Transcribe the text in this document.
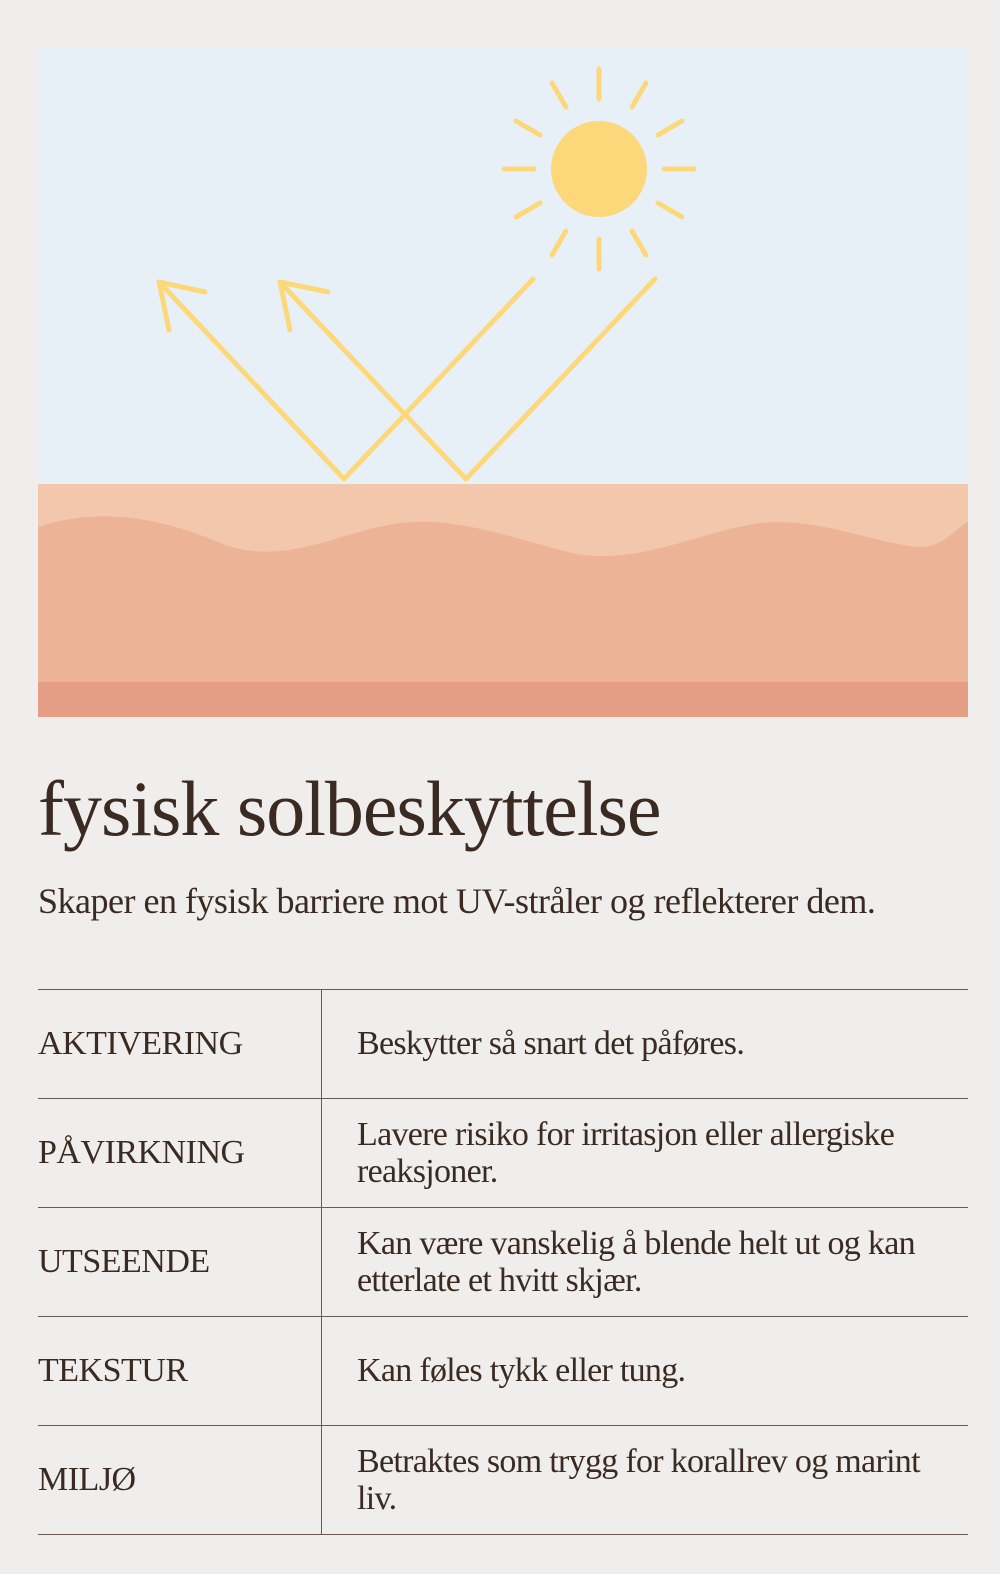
fysisk solbeskyttelse

Skaper en fysisk barriere mot UV-stråler og reflekterer dem.

AKTIVERING	Beskytter så snart det påføres.
PÅVIRKNING	Lavere risiko for irritasjon eller allergiske reaksjoner.
UTSEENDE	Kan være vanskelig å blende helt ut og kan etterlate et hvitt skjær.
TEKSTUR	Kan føles tykk eller tung.
MILJØ	Betraktes som trygg for korallrev og marint liv.
